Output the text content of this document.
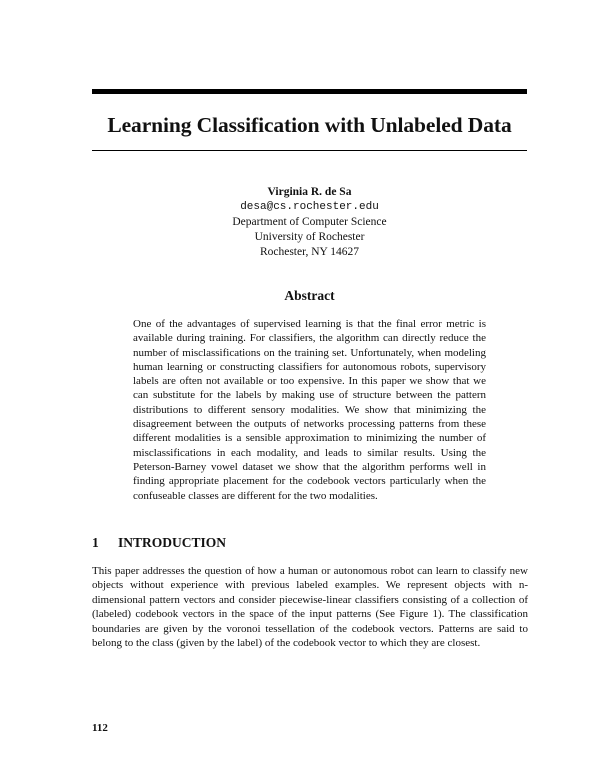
Learning Classification with Unlabeled Data
Virginia R. de Sa
desa@cs.rochester.edu
Department of Computer Science
University of Rochester
Rochester, NY 14627
Abstract
One of the advantages of supervised learning is that the final error metric is available during training. For classifiers, the algorithm can directly reduce the number of misclassifications on the training set. Unfortunately, when modeling human learning or constructing classifiers for autonomous robots, supervisory labels are often not available or too expensive. In this paper we show that we can substitute for the labels by making use of structure between the pattern distributions to different sensory modalities. We show that minimizing the disagreement between the outputs of networks processing patterns from these different modalities is a sensible approximation to minimizing the number of misclassifications in each modality, and leads to similar results. Using the Peterson-Barney vowel dataset we show that the algorithm performs well in finding appropriate placement for the codebook vectors particularly when the confuseable classes are different for the two modalities.
1 INTRODUCTION
This paper addresses the question of how a human or autonomous robot can learn to classify new objects without experience with previous labeled examples. We represent objects with n-dimensional pattern vectors and consider piecewise-linear classifiers consisting of a collection of (labeled) codebook vectors in the space of the input patterns (See Figure 1). The classification boundaries are given by the voronoi tessellation of the codebook vectors. Patterns are said to belong to the class (given by the label) of the codebook vector to which they are closest.
112
